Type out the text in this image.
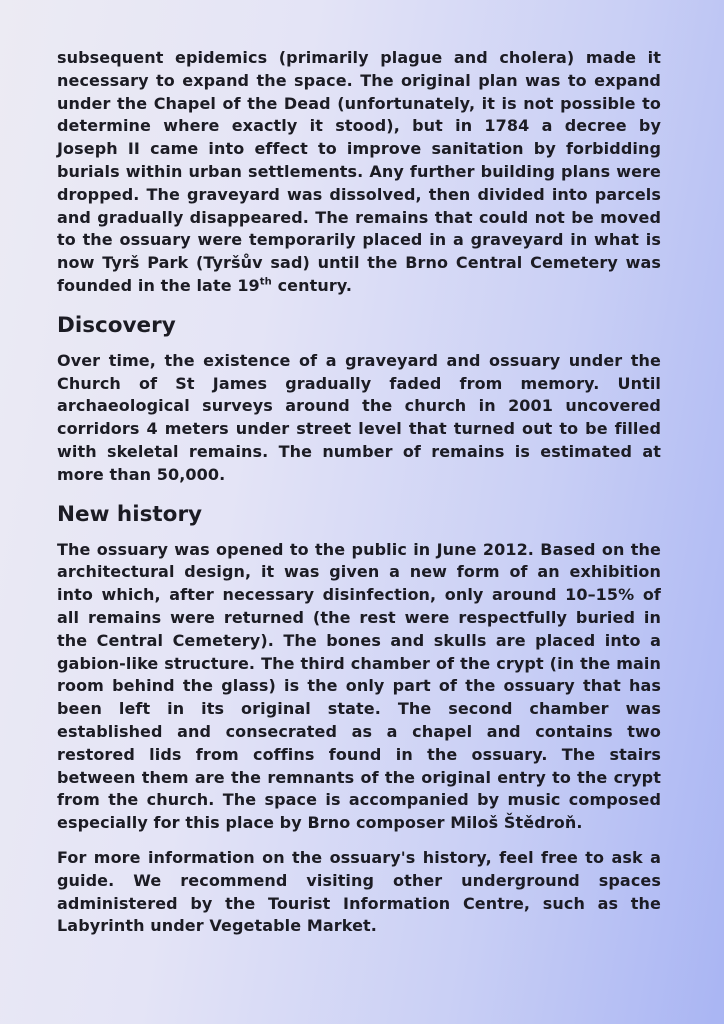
subsequent epidemics (primarily plague and cholera) made it necessary to expand the space. The original plan was to expand under the Chapel of the Dead (unfortunately, it is not possible to determine where exactly it stood), but in 1784 a decree by Joseph II came into effect to improve sanitation by forbidding burials within urban settlements. Any further building plans were dropped. The graveyard was dissolved, then divided into parcels and gradually disappeared. The remains that could not be moved to the ossuary were temporarily placed in a graveyard in what is now Tyrš Park (Tyršův sad) until the Brno Central Cemetery was founded in the late 19th century.

Discovery

Over time, the existence of a graveyard and ossuary under the Church of St James gradually faded from memory. Until archaeological surveys around the church in 2001 uncovered corridors 4 meters under street level that turned out to be filled with skeletal remains. The number of remains is estimated at more than 50,000.

New history

The ossuary was opened to the public in June 2012. Based on the architectural design, it was given a new form of an exhibition into which, after necessary disinfection, only around 10–15% of all remains were returned (the rest were respectfully buried in the Central Cemetery). The bones and skulls are placed into a gabion-like structure. The third chamber of the crypt (in the main room behind the glass) is the only part of the ossuary that has been left in its original state. The second chamber was established and consecrated as a chapel and contains two restored lids from coffins found in the ossuary. The stairs between them are the remnants of the original entry to the crypt from the church. The space is accompanied by music composed especially for this place by Brno composer Miloš Štědroň.

For more information on the ossuary's history, feel free to ask a guide. We recommend visiting other underground spaces administered by the Tourist Information Centre, such as the Labyrinth under Vegetable Market.
